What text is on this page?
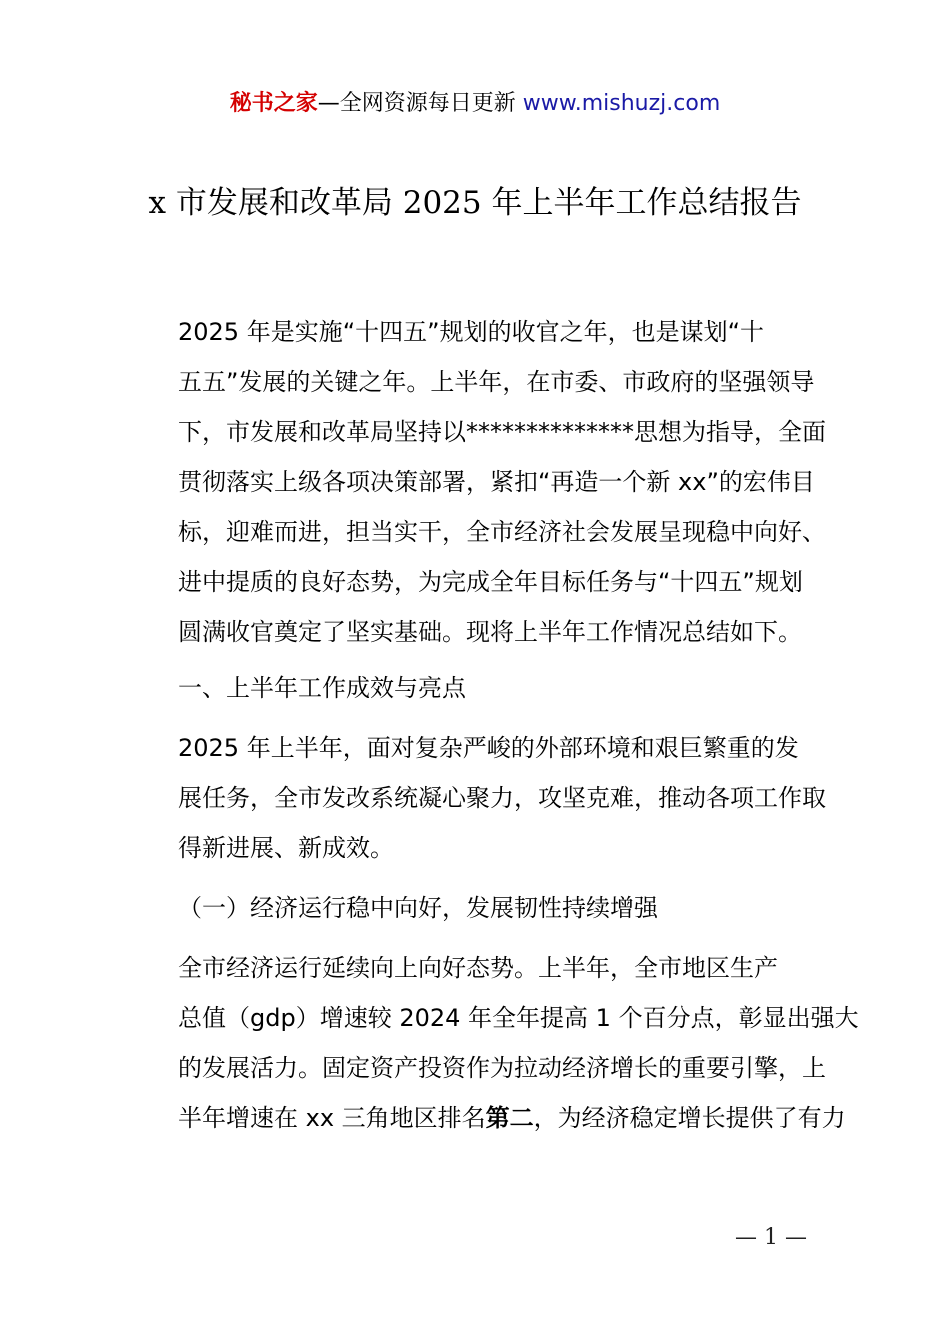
秘书之家—全网资源每日更新 www.mishuzj.com
x 市发展和改革局 2025 年上半年工作总结报告

2025 年是实施“十四五”规划的收官之年，也是谋划“十
五五”发展的关键之年。上半年，在市委、市政府的坚强领导
下，市发展和改革局坚持以**************思想为指导，全面
贯彻落实上级各项决策部署，紧扣“再造一个新 xx”的宏伟目
标，迎难而进，担当实干，全市经济社会发展呈现稳中向好、
进中提质的良好态势，为完成全年目标任务与“十四五”规划
圆满收官奠定了坚实基础。现将上半年工作情况总结如下。

一、上半年工作成效与亮点

2025 年上半年，面对复杂严峻的外部环境和艰巨繁重的发
展任务，全市发改系统凝心聚力，攻坚克难，推动各项工作取
得新进展、新成效。

（一）经济运行稳中向好，发展韧性持续增强

全市经济运行延续向上向好态势。上半年，全市地区生产
总值（gdp）增速较 2024 年全年提高 1 个百分点，彰显出强大
的发展活力。固定资产投资作为拉动经济增长的重要引擎，上
半年增速在 xx 三角地区排名第二，为经济稳定增长提供了有力

— 1 —
